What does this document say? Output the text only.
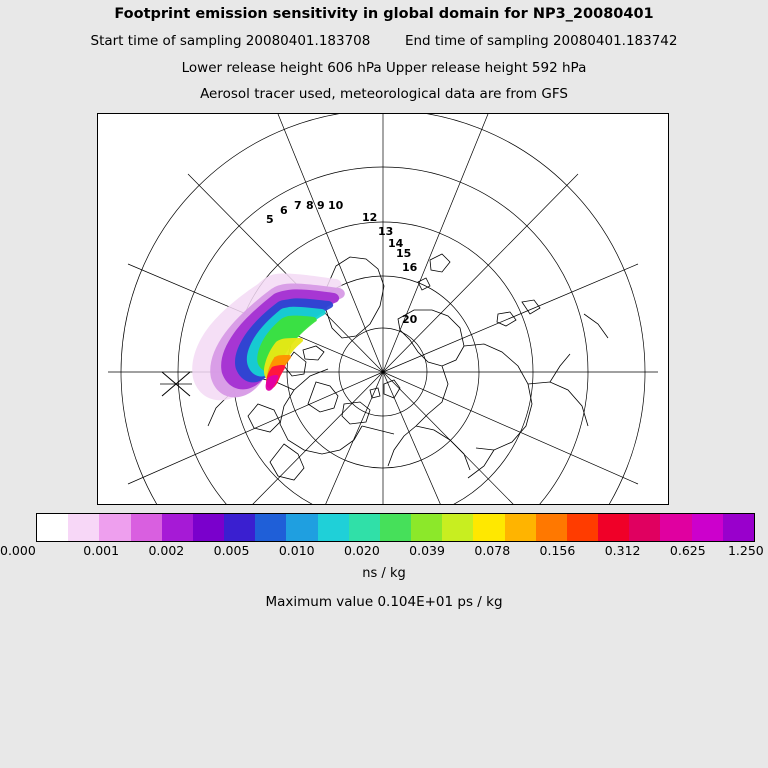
Footprint emission sensitivity in global domain for NP3_20080401
Start time of sampling 20080401.183708	End time of sampling 20080401.183742
Lower release height 606 hPa Upper release height 592 hPa
Aerosol tracer used, meteorological data are from GFS
5
6 7 8 9 10
12
13
14
15
16
20
0.000	0.001 0.002 0.005 0.010 0.020 0.039 0.078 0.156 0.312 0.625 1.250
ns / kg
Maximum value 0.104E+01 ps / kg
